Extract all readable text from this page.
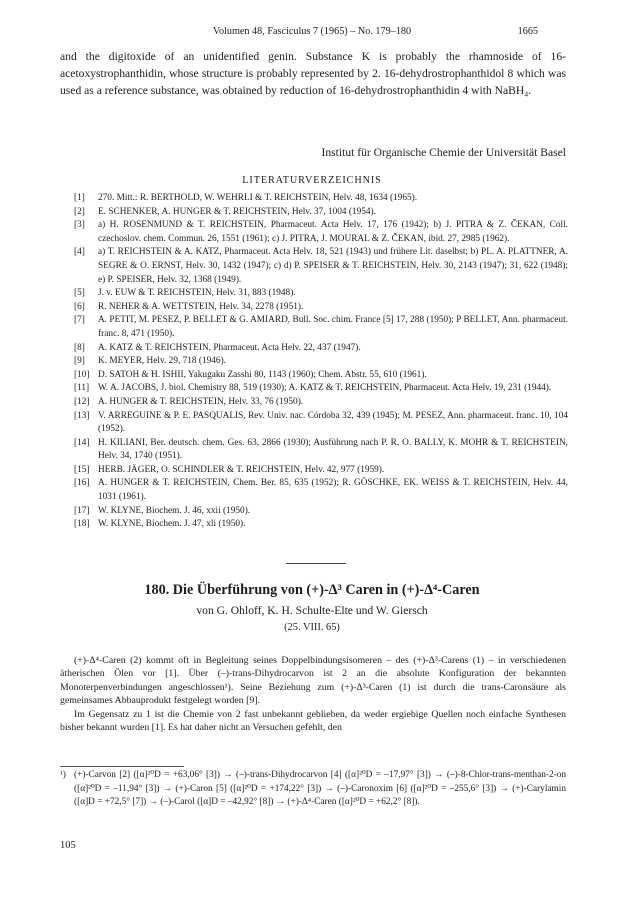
Volumen 48, Fasciculus 7 (1965) – No. 179–180	1665

and the digitoxide of an unidentified genin. Substance K is probably the rhamnoside of 16-acetoxystrophanthidin, whose structure is probably represented by 2. 16-dehydrostrophanthidol 8 which was used as a reference substance, was obtained by reduction of 16-dehydrostrophanthidin 4 with NaBH₄.

Institut für Organische Chemie der Universität Basel
LITERATURVERZEICHNIS
[1]	270. Mitt.: R. BERTHOLD, W. WEHRLI & T. REICHSTEIN, Helv. 48, 1634 (1965).
[2]	E. SCHENKER, A. HUNGER & T. REICHSTEIN, Helv. 37, 1004 (1954).
[3]	a) H. ROSENMUND & T. REICHSTEIN, Pharmaceut. Acta Helv. 17, 176 (1942); b) J. PITRA & Z. ČEKAN, Coll. czechoslov. chem. Commun. 26, 1551 (1961); c) J. PITRA, J. MOURAL & Z. ČEKAN, ibid. 27, 2985 (1962).
[4]	a) T. REICHSTEIN & A. KATZ, Pharmaceut. Acta Helv. 18, 521 (1943) und frühere Lit. daselbst; b) PL. A. PLATTNER, A. SEGRE & O. ERNST, Helv. 30, 1432 (1947); c) d) P. SPEISER & T. REICHSTEIN, Helv. 30, 2143 (1947); 31, 622 (1948); e) P. SPEISER, Helv. 32, 1368 (1949).
[5]	J. v. EUW & T. REICHSTEIN, Helv. 31, 883 (1948).
[6]	R. NEHER & A. WETTSTEIN, Helv. 34, 2278 (1951).
[7]	A. PETIT, M. PESEZ, P. BELLET & G. AMIARD, Bull. Soc. chim. France [5] 17, 288 (1950); P BELLET, Ann. pharmaceut. franc. 8, 471 (1950).
[8]	A. KATZ & T. REICHSTEIN, Pharmaceut. Acta Helv. 22, 437 (1947).
[9]	K. MEYER, Helv. 29, 718 (1946).
[10] D. SATOH & H. ISHII, Yakugaku Zasshi 80, 1143 (1960); Chem. Abstr. 55, 610 (1961).
[11] W. A. JACOBS, J. biol. Chemistry 88, 519 (1930); A. KATZ & T. REICHSTEIN, Pharmaceut. Acta Helv. 19, 231 (1944).
[12] A. HUNGER & T. REICHSTEIN, Helv. 33, 76 (1950).
[13] V. ARREGUINE & P. E. PASQUALIS, Rev. Univ. nac. Córdoba 32, 439 (1945); M. PESEZ, Ann. pharmaceut. franc. 10, 104 (1952).
[14] H. KILIANI, Ber. deutsch. chem. Ges. 63, 2866 (1930); Ausführung nach P. R. O. BALLY, K. MOHR & T. REICHSTEIN, Helv. 34, 1740 (1951).
[15] HERB. JÄGER, O. SCHINDLER & T. REICHSTEIN, Helv. 42, 977 (1959).
[16] A. HUNGER & T. REICHSTEIN, Chem. Ber. 85, 635 (1952); R. GÖSCHKE, EK. WEISS & T. REICHSTEIN, Helv. 44, 1031 (1961).
[17] W. KLYNE, Biochem. J. 46, xxii (1950).
[18] W. KLYNE, Biochem. J. 47, xli (1950).
180. Die Überführung von (+)-Δ³ Caren in (+)-Δ⁴-Caren
von G. Ohloff, K. H. Schulte-Elte und W. Giersch
(25. VIII. 65)

(+)-Δ⁴-Caren (2) kommt oft in Begleitung seines Doppelbindungsisomeren – des (+)-Δ³-Carens (1) – in verschiedenen ätherischen Ölen vor [1]. Über (–)-trans-Dihydrocarvon ist 2 an die absolute Konfiguration der bekannten Monoterpenverbindungen angeschlossen¹). Seine Beziehung zum (+)-Δ³-Caren (1) ist durch die trans-Caronsäure als gemeinsames Abbauprodukt festgelegt worden [9].

Im Gegensatz zu 1 ist die Chemie von 2 fast unbekannt geblieben, da weder ergiebige Quellen noch einfache Synthesen bisher bekannt wurden [1]. Es hat daher nicht an Versuchen gefehlt, den

¹) (+)-Carvon [2] ([α]²⁰D = +63,06° [3]) → (–)-trans-Dihydrocarvon [4] ([α]²⁰D = –17,97° [3]) → (–)-8-Chlor-trans-menthan-2-on ([α]²⁰D = –11,94° [3]) → (+)-Caron [5] ([α]²⁰D = +174,22° [3]) → (–)-Caronoxim [6] ([α]²⁰D = –255,6° [3]) → (+)-Carylamin ([α]D = +72,5° [7]) → (–)-Carol ([α]D = –42,92° [8]) → (+)-Δ⁴-Caren ([α]²⁰D = +62,2° [8]).
105
